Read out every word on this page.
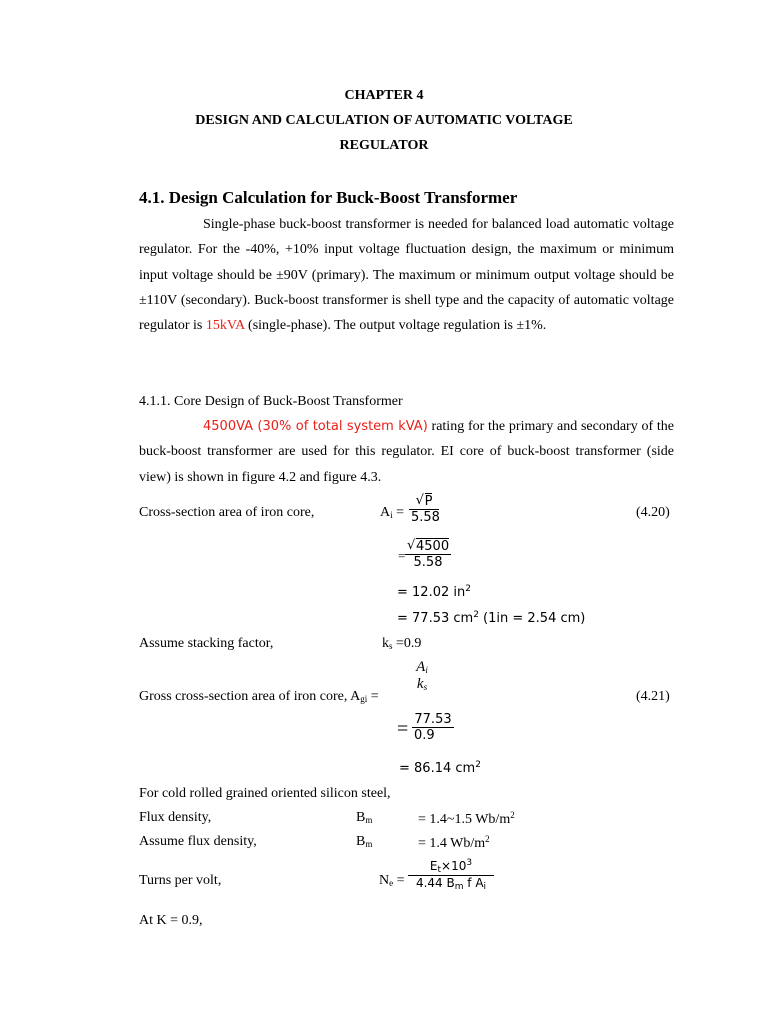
CHAPTER 4
DESIGN AND CALCULATION OF AUTOMATIC VOLTAGE
REGULATOR
4.1. Design Calculation for Buck-Boost Transformer
Single-phase buck-boost transformer is needed for balanced load automatic voltage regulator. For the -40%, +10% input voltage fluctuation design, the maximum or minimum input voltage should be ±90V (primary). The maximum or minimum output voltage should be ±110V (secondary). Buck-boost transformer is shell type and the capacity of automatic voltage regulator is 15kVA (single-phase). The output voltage regulation is ±1%.
4.1.1. Core Design of Buck-Boost Transformer
4500VA (30% of total system kVA) rating for the primary and secondary of the buck-boost transformer are used for this regulator. EI core of buck-boost transformer (side view) is shown in figure 4.2 and figure 4.3.
Cross-section area of iron core,	$A_i$ = √ $\frac{P}{5.58}$	(4.20)
= √ $\frac{4500}{5.58}$
= 12.02 $in^2$
= 77.53 $cm^2$ (1in = 2.54 cm)
Assume stacking factor,	$k_s =0.9$
Gross cross-section area of iron core, $A_{gi}$ =
$A_i$
$k_s$
(4.21)
= $\frac{77.53}{0.9}$
= 86.14 $cm^2$
For cold rolled grained oriented silicon steel,
Flux density,	$B_m$	= 1.4~1.5 $Wb/m^2$
Assume flux density,	$B_m$	= 1.4 $Wb/m^2$
Turns per volt,	$N_e = \frac{E_t\times 10^3}{4.44 B_m f A_i}$
At K = 0.9,
